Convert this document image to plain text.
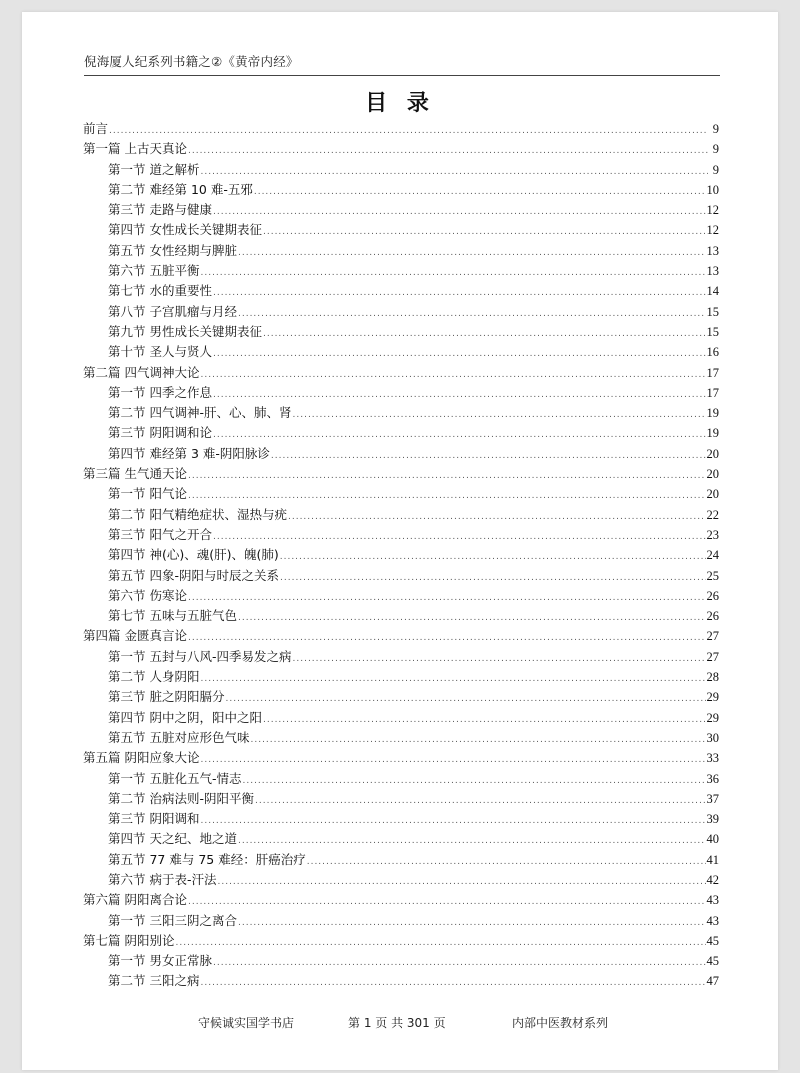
倪海厦人纪系列书籍之②《黄帝内经》
目 录
前言 .....	9
第一篇 上古天真论 .....	9
第一节 道之解析 .....	9
第二节 难经第 10 难-五邪 .....	10
第三节 走路与健康 .....	12
第四节 女性成长关键期表征 .....	12
第五节 女性经期与脾脏 .....	13
第六节 五脏平衡 .....	13
第七节 水的重要性 .....	14
第八节 子宫肌瘤与月经 .....	15
第九节 男性成长关键期表征 .....	15
第十节 圣人与贤人 .....	16
第二篇 四气调神大论 .....	17
第一节 四季之作息 .....	17
第二节 四气调神-肝、心、肺、肾 .....	19
第三节 阴阳调和论 .....	19
第四节 难经第 3 难-阴阳脉诊 .....	20
第三篇 生气通天论 .....	20
第一节 阳气论 .....	20
第二节 阳气精绝症状、湿热与疣 .....	22
第三节 阳气之开合 .....	23
第四节 神(心)、魂(肝)、魄(肺) .....	24
第五节 四象-阴阳与时辰之关系 .....	25
第六节 伤寒论 .....	26
第七节 五味与五脏气色 .....	26
第四篇 金匮真言论 .....	27
第一节 五封与八风-四季易发之病 .....	27
第二节 人身阴阳 .....	28
第三节 脏之阴阳膈分 .....	29
第四节 阴中之阴，阳中之阳 .....	29
第五节 五脏对应形色气味 .....	30
第五篇 阴阳应象大论 .....	33
第一节 五脏化五气-情志 .....	36
第二节 治病法则-阴阳平衡 .....	37
第三节 阴阳调和 .....	39
第四节 天之纪、地之道 .....	40
第五节 77 难与 75 难经：肝癌治疗 .....	41
第六节 病于表-汗法 .....	42
第六篇 阴阳离合论 .....	43
第一节 三阳三阴之离合 .....	43
第七篇 阴阳别论 .....	45
第一节 男女正常脉 .....	45
第二节 三阳之病 .....	47
守候诚实国学书店	第 1 页 共 301 页	内部中医教材系列
